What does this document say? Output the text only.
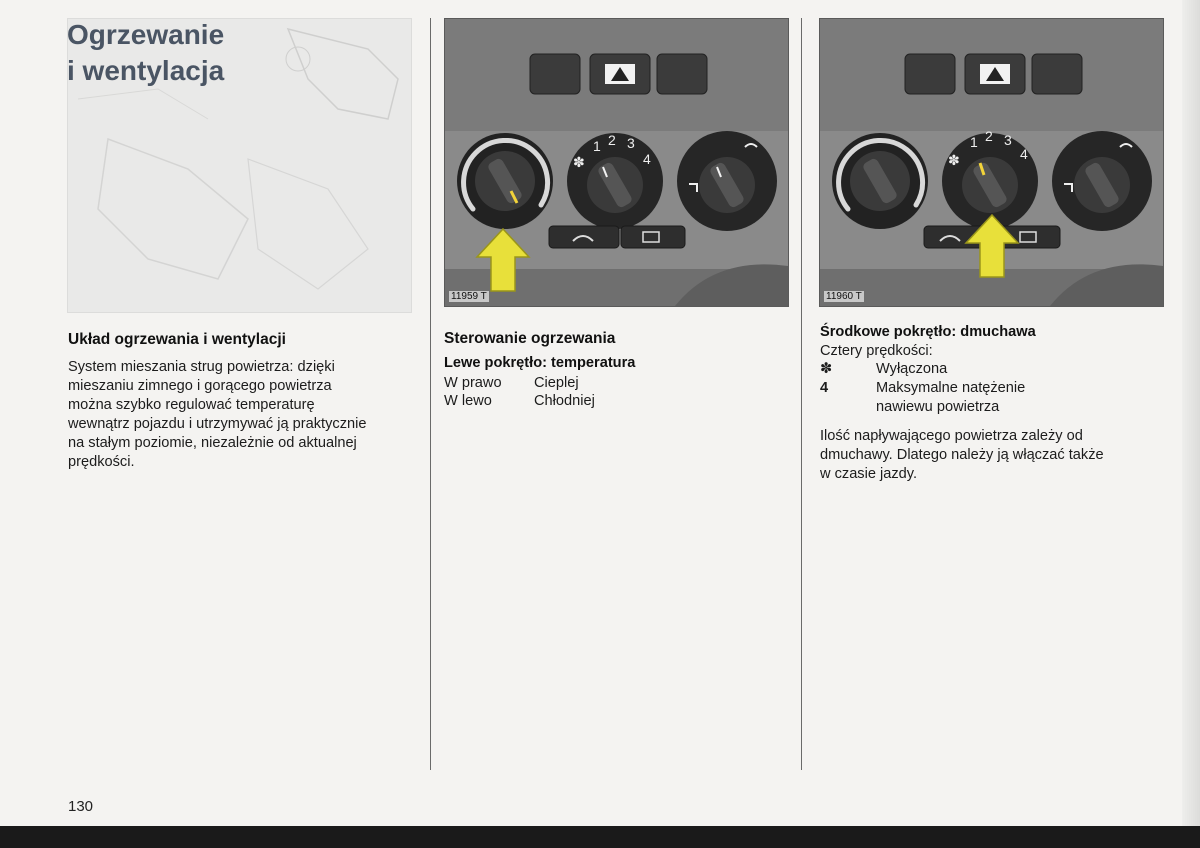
Ogrzewanie
i wentylacja
Układ ogrzewania i wentylacji

System mieszania strug powietrza: dzięki
mieszaniu zimnego i gorącego powietrza
można szybko regulować temperaturę
wewnątrz pojazdu i utrzymywać ją praktycznie
na stałym poziomie, niezależnie od aktualnej
prędkości.

1 2 3
4
✽
11959 T
Sterowanie ogrzewania
Lewe pokrętło: temperatura
W prawo Cieplej
W lewo	Chłodniej
1 2 3
4
✽
11960 T
Środkowe pokrętło: dmuchawa
Cztery prędkości:
✽	Wyłączona
4	Maksymalne natężenie
nawiewu powietrza

Ilość napływającego powietrza zależy od
dmuchawy. Dlatego należy ją włączać także
w czasie jazdy.

130
